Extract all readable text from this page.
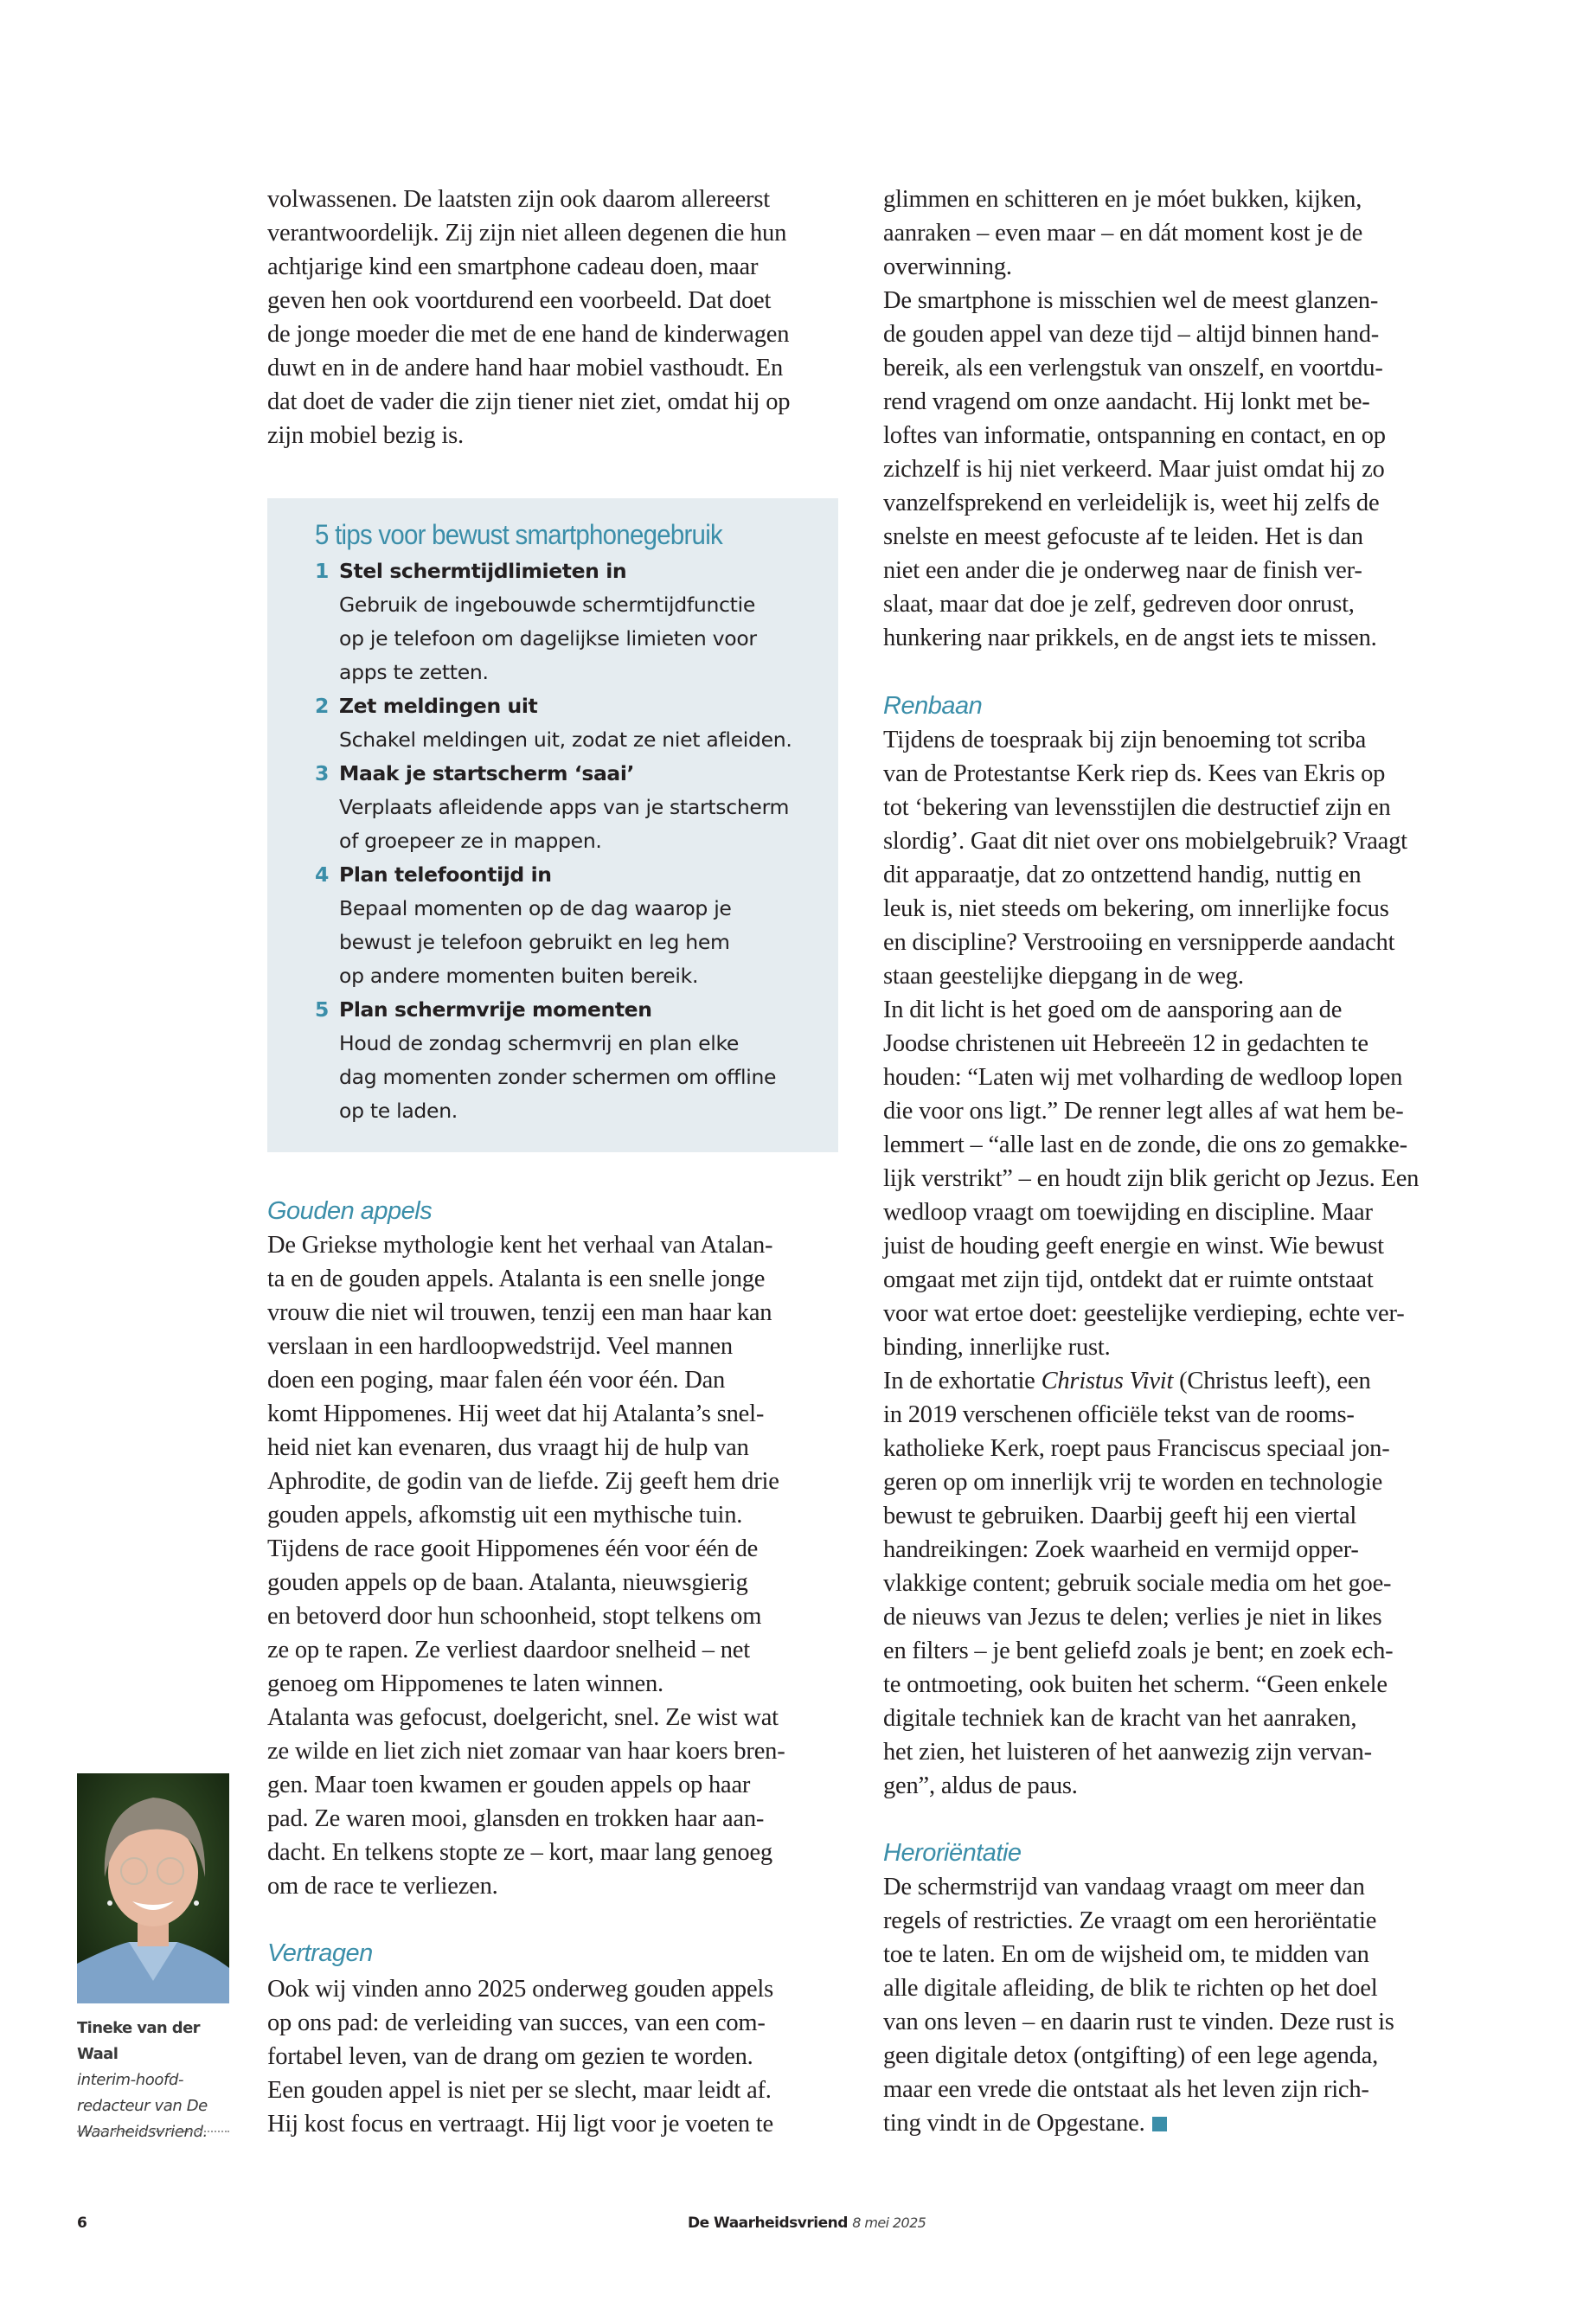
volwassenen. De laatsten zijn ook daarom allereerst
verantwoordelijk. Zij zijn niet alleen degenen die hun
achtjarige kind een smartphone cadeau doen, maar
geven hen ook voortdurend een voorbeeld. Dat doet
de jonge moeder die met de ene hand de kinderwagen
duwt en in de andere hand haar mobiel vasthoudt. En
dat doet de vader die zijn tiener niet ziet, omdat hij op
zijn mobiel bezig is.
5 tips voor bewust smartphonegebruik
1 Stel schermtijdlimieten in
Gebruik de ingebouwde schermtijdfunctie
op je telefoon om dagelijkse limieten voor
apps te zetten.
2 Zet meldingen uit
Schakel meldingen uit, zodat ze niet afleiden.
3 Maak je startscherm ‘saai’
Verplaats afleidende apps van je startscherm
of groepeer ze in mappen.
4 Plan telefoontijd in
Bepaal momenten op de dag waarop je
bewust je telefoon gebruikt en leg hem
op andere momenten buiten bereik.
5 Plan schermvrije momenten
Houd de zondag schermvrij en plan elke
dag momenten zonder schermen om offline
op te laden.
Gouden appels
De Griekse mythologie kent het verhaal van Atalan-
ta en de gouden appels. Atalanta is een snelle jonge
vrouw die niet wil trouwen, tenzij een man haar kan
verslaan in een hardloopwedstrijd. Veel mannen
doen een poging, maar falen één voor één. Dan
komt Hippomenes. Hij weet dat hij Atalanta’s snel-
heid niet kan evenaren, dus vraagt hij de hulp van
Aphrodite, de godin van de liefde. Zij geeft hem drie
gouden appels, afkomstig uit een mythische tuin.
Tijdens de race gooit Hippomenes één voor één de
gouden appels op de baan. Atalanta, nieuwsgierig
en betoverd door hun schoonheid, stopt telkens om
ze op te rapen. Ze verliest daardoor snelheid – net
genoeg om Hippomenes te laten winnen.
Atalanta was gefocust, doelgericht, snel. Ze wist wat
ze wilde en liet zich niet zomaar van haar koers bren-
gen. Maar toen kwamen er gouden appels op haar
pad. Ze waren mooi, glansden en trokken haar aan-
dacht. En telkens stopte ze – kort, maar lang genoeg
om de race te verliezen.
Vertragen
Ook wij vinden anno 2025 onderweg gouden appels
op ons pad: de verleiding van succes, van een com-
fortabel leven, van de drang om gezien te worden.
Een gouden appel is niet per se slecht, maar leidt af.
Hij kost focus en vertraagt. Hij ligt voor je voeten te
glimmen en schitteren en je móet bukken, kijken,
aanraken – even maar – en dát moment kost je de
overwinning.
De smartphone is misschien wel de meest glanzen-
de gouden appel van deze tijd – altijd binnen hand-
bereik, als een verlengstuk van onszelf, en voortdu-
rend vragend om onze aandacht. Hij lonkt met be-
loftes van informatie, ontspanning en contact, en op
zichzelf is hij niet verkeerd. Maar juist omdat hij zo
vanzelfsprekend en verleidelijk is, weet hij zelfs de
snelste en meest gefocuste af te leiden. Het is dan
niet een ander die je onderweg naar de finish ver-
slaat, maar dat doe je zelf, gedreven door onrust,
hunkering naar prikkels, en de angst iets te missen.
Renbaan
Tijdens de toespraak bij zijn benoeming tot scriba
van de Protestantse Kerk riep ds. Kees van Ekris op
tot ‘bekering van levensstijlen die destructief zijn en
slordig’. Gaat dit niet over ons mobielgebruik? Vraagt
dit apparaatje, dat zo ontzettend handig, nuttig en
leuk is, niet steeds om bekering, om innerlijke focus
en discipline? Verstrooiing en versnipperde aandacht
staan geestelijke diepgang in de weg.
In dit licht is het goed om de aansporing aan de
Joodse christenen uit Hebreeën 12 in gedachten te
houden: “Laten wij met volharding de wedloop lopen
die voor ons ligt.” De renner legt alles af wat hem be-
lemmert – “alle last en de zonde, die ons zo gemakke-
lijk verstrikt” – en houdt zijn blik gericht op Jezus. Een
wedloop vraagt om toewijding en discipline. Maar
juist de houding geeft energie en winst. Wie bewust
omgaat met zijn tijd, ontdekt dat er ruimte ontstaat
voor wat ertoe doet: geestelijke verdieping, echte ver-
binding, innerlijke rust.
In de exhortatie Christus Vivit (Christus leeft), een
in 2019 verschenen officiële tekst van de rooms-
katholieke Kerk, roept paus Franciscus speciaal jon-
geren op om innerlijk vrij te worden en technologie
bewust te gebruiken. Daarbij geeft hij een viertal
handreikingen: Zoek waarheid en vermijd opper-
vlakkige content; gebruik sociale media om het goe-
de nieuws van Jezus te delen; verlies je niet in likes
en filters – je bent geliefd zoals je bent; en zoek ech-
te ontmoeting, ook buiten het scherm. “Geen enkele
digitale techniek kan de kracht van het aanraken,
het zien, het luisteren of het aanwezig zijn vervan-
gen”, aldus de paus.
Heroriëntatie
De schermstrijd van vandaag vraagt om meer dan
regels of restricties. Ze vraagt om een heroriëntatie
toe te laten. En om de wijsheid om, te midden van
alle digitale afleiding, de blik te richten op het doel
van ons leven – en daarin rust te vinden. Deze rust is
geen digitale detox (ontgifting) of een lege agenda,
maar een vrede die ontstaat als het leven zijn rich-
ting vindt in de Opgestane.
Tineke van der Waal
interim-hoofd-
redacteur van De
Waarheidsvriend.
6	De Waarheidsvriend 8 mei 2025
